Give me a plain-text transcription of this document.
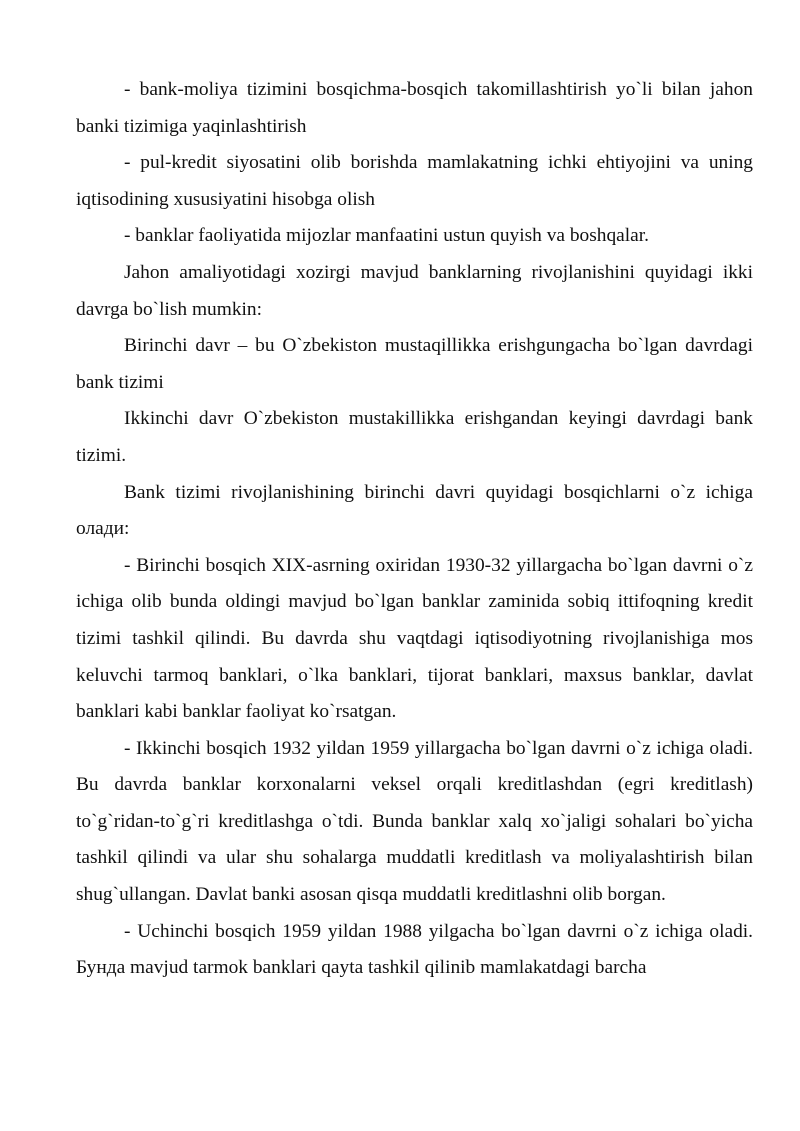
- bank-moliya tizimini bosqichma-bosqich takomillashtirish yo`li bilan jahon banki tizimiga yaqinlashtirish

- pul-kredit siyosatini olib borishda mamlakatning ichki ehtiyojini va uning iqtisodining xususiyatini hisobga olish

- banklar faoliyatida mijozlar manfaatini ustun quyish va boshqalar.

Jahon amaliyotidagi xozirgi mavjud banklarning rivojlanishini quyidagi ikki davrga bo`lish mumkin:

Birinchi davr – bu O`zbekiston mustaqillikka erishgungacha bo`lgan davrdagi bank tizimi

Ikkinchi davr O`zbekiston mustakillikka erishgandan keyingi davrdagi bank tizimi.

Bank tizimi rivojlanishining birinchi davri quyidagi bosqichlarni o`z ichiga олади:

- Birinchi bosqich XIX-asrning oxiridan 1930-32 yillargacha bo`lgan davrni o`z ichiga olib bunda oldingi mavjud bo`lgan banklar zaminida sobiq ittifoqning kredit tizimi tashkil qilindi. Bu davrda shu vaqtdagi iqtisodiyotning rivojlanishiga mos keluvchi tarmoq banklari, o`lka banklari, tijorat banklari, maxsus banklar, davlat banklari kabi banklar faoliyat ko`rsatgan.

- Ikkinchi bosqich 1932 yildan 1959 yillargacha bo`lgan davrni o`z ichiga oladi. Bu davrda banklar korxonalarni veksel orqali kreditlashdan (egri kreditlash) to`g`ridan-to`g`ri kreditlashga o`tdi. Bunda banklar xalq xo`jaligi sohalari bo`yicha tashkil qilindi va ular shu sohalarga muddatli kreditlash va moliyalashtirish bilan shug`ullangan. Davlat banki asosan qisqa muddatli kreditlashni olib borgan.

- Uchinchi bosqich 1959 yildan 1988 yilgacha bo`lgan davrni o`z ichiga oladi. Бунда mavjud tarmok banklari qayta tashkil qilinib mamlakatdagi barcha
